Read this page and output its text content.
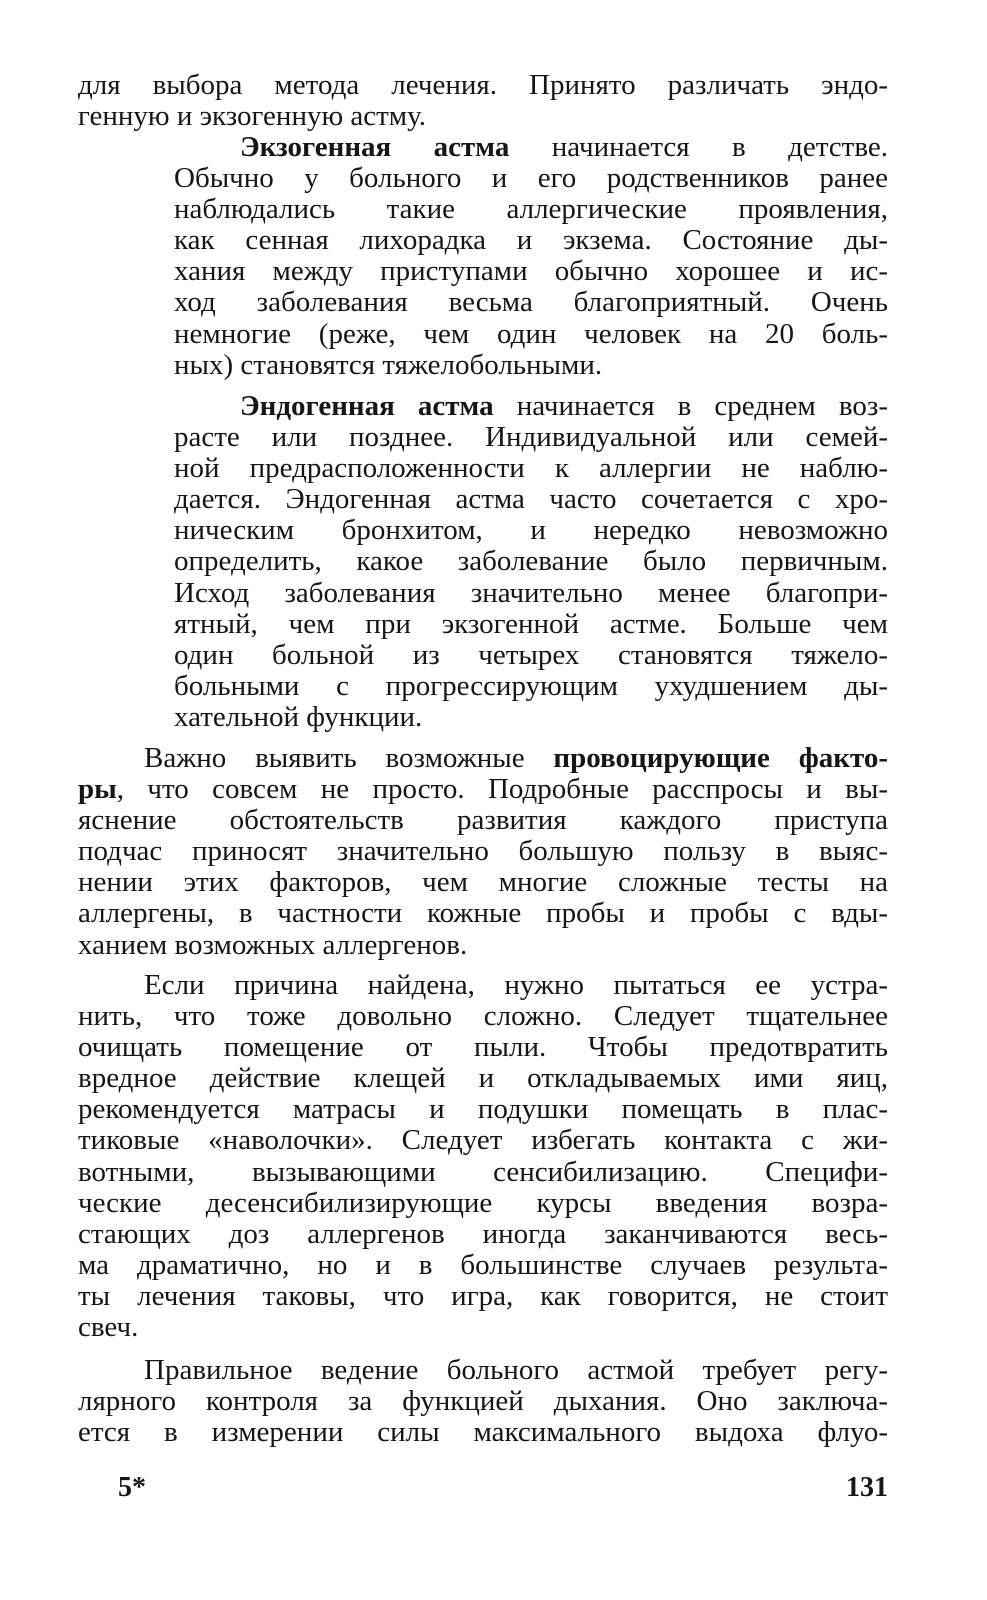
для выбора метода лечения. Принято различать эндо-
генную и экзогенную астму.
Экзогенная астма начинается в детстве.
Обычно у больного и его родственников ранее
наблюдались такие аллергические проявления,
как сенная лихорадка и экзема. Состояние ды-
хания между приступами обычно хорошее и ис-
ход заболевания весьма благоприятный. Очень
немногие (реже, чем один человек на 20 боль-
ных) становятся тяжелобольными.
Эндогенная астма начинается в среднем воз-
расте или позднее. Индивидуальной или семей-
ной предрасположенности к аллергии не наблю-
дается. Эндогенная астма часто сочетается с хро-
ническим бронхитом, и нередко невозможно
определить, какое заболевание было первичным.
Исход заболевания значительно менее благопри-
ятный, чем при экзогенной астме. Больше чем
один больной из четырех становятся тяжело-
больными с прогрессирующим ухудшением ды-
хательной функции.
Важно выявить возможные провоцирующие факто-
ры, что совсем не просто. Подробные расспросы и вы-
яснение обстоятельств развития каждого приступа
подчас приносят значительно большую пользу в выяс-
нении этих факторов, чем многие сложные тесты на
аллергены, в частности кожные пробы и пробы с вды-
ханием возможных аллергенов.
Если причина найдена, нужно пытаться ее устра-
нить, что тоже довольно сложно. Следует тщательнее
очищать помещение от пыли. Чтобы предотвратить
вредное действие клещей и откладываемых ими яиц,
рекомендуется матрасы и подушки помещать в плас-
тиковые «наволочки». Следует избегать контакта с жи-
вотными, вызывающими сенсибилизацию. Специфи-
ческие десенсибилизирующие курсы введения возра-
стающих доз аллергенов иногда заканчиваются весь-
ма драматично, но и в большинстве случаев результа-
ты лечения таковы, что игра, как говорится, не стоит
свеч.
Правильное ведение больного астмой требует регу-
лярного контроля за функцией дыхания. Оно заключа-
ется в измерении силы максимального выдоха флуо-
5*	131
